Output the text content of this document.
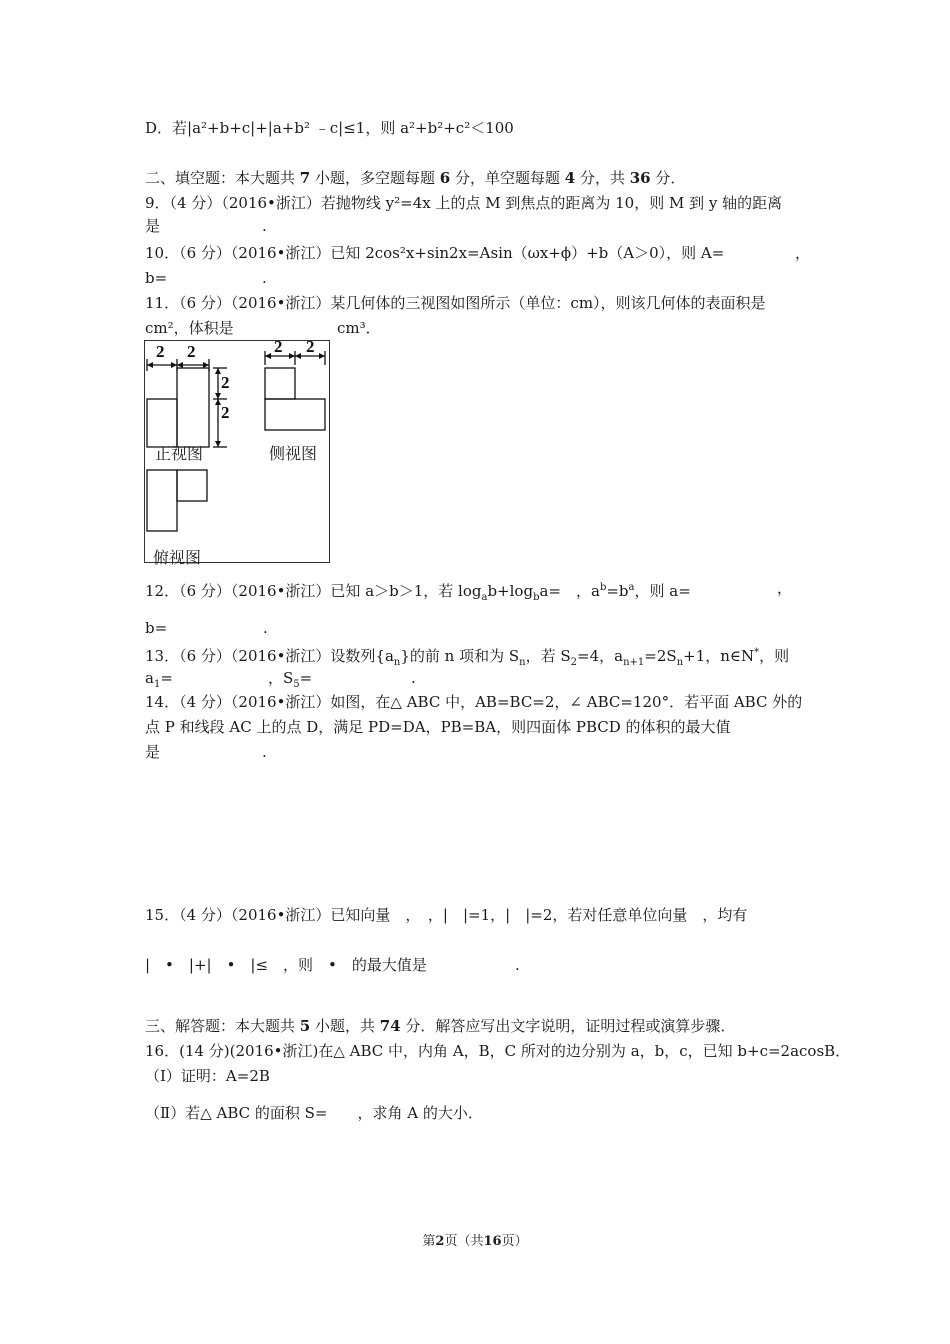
D．若|a²+b+c|+|a+b² ﹣c|≤1，则 a²+b²+c²＜100
二、填空题：本大题共 7 小题，多空题每题 6 分，单空题每题 4 分，共 36 分．
9．（4 分）（2016•浙江）若抛物线 y²=4x 上的点 M 到焦点的距离为 10，则 M 到 y 轴的距离
是	.
10．（6 分）（2016•浙江）已知 2cos²x+sin2x=Asin（ωx+ϕ）+b（A＞0），则 A=	，
b=	.
11．（6 分）（2016•浙江）某几何体的三视图如图所示（单位：cm），则该几何体的表面积是
cm²，体积是	cm³．
2 2
2
2
2 2
正视图	侧视图
俯视图
12．（6 分）（2016•浙江）已知 a＞b＞1，若 $\log_ab+\log_ba=$　，$a^b=b^a$，则 a=	，
b=	.
13．（6 分）（2016•浙江）设数列$\{a_n\}$的前 n 项和为 $S_n$，若 $S_2=4$，$a_{n+1}=2S_n+1$，n∈N*，则
$a_1=$	，$S_5=$	.
14．（4 分）（2016•浙江）如图，在△ ABC 中，AB=BC=2，∠ ABC=120°．若平面 ABC 外的
点 P 和线段 AC 上的点 D，满足 PD=DA，PB=BA，则四面体 PBCD 的体积的最大值
是	.
15．（4 分）（2016•浙江）已知向量　，　，|　|=1，|　|=2，若对任意单位向量　，均有
|　•　|+|　•　|≤　，则　•　的最大值是	.
三、解答题：本大题共 5 小题，共 74 分．解答应写出文字说明，证明过程或演算步骤．
16．(14 分)(2016•浙江)在△ ABC 中，内角 A，B，C 所对的边分别为 a，b，c，已知 b+c=2acosB．
（Ⅰ）证明：A=2B
（Ⅱ）若△ ABC 的面积 S=　　，求角 A 的大小．
第2页（共16页）
